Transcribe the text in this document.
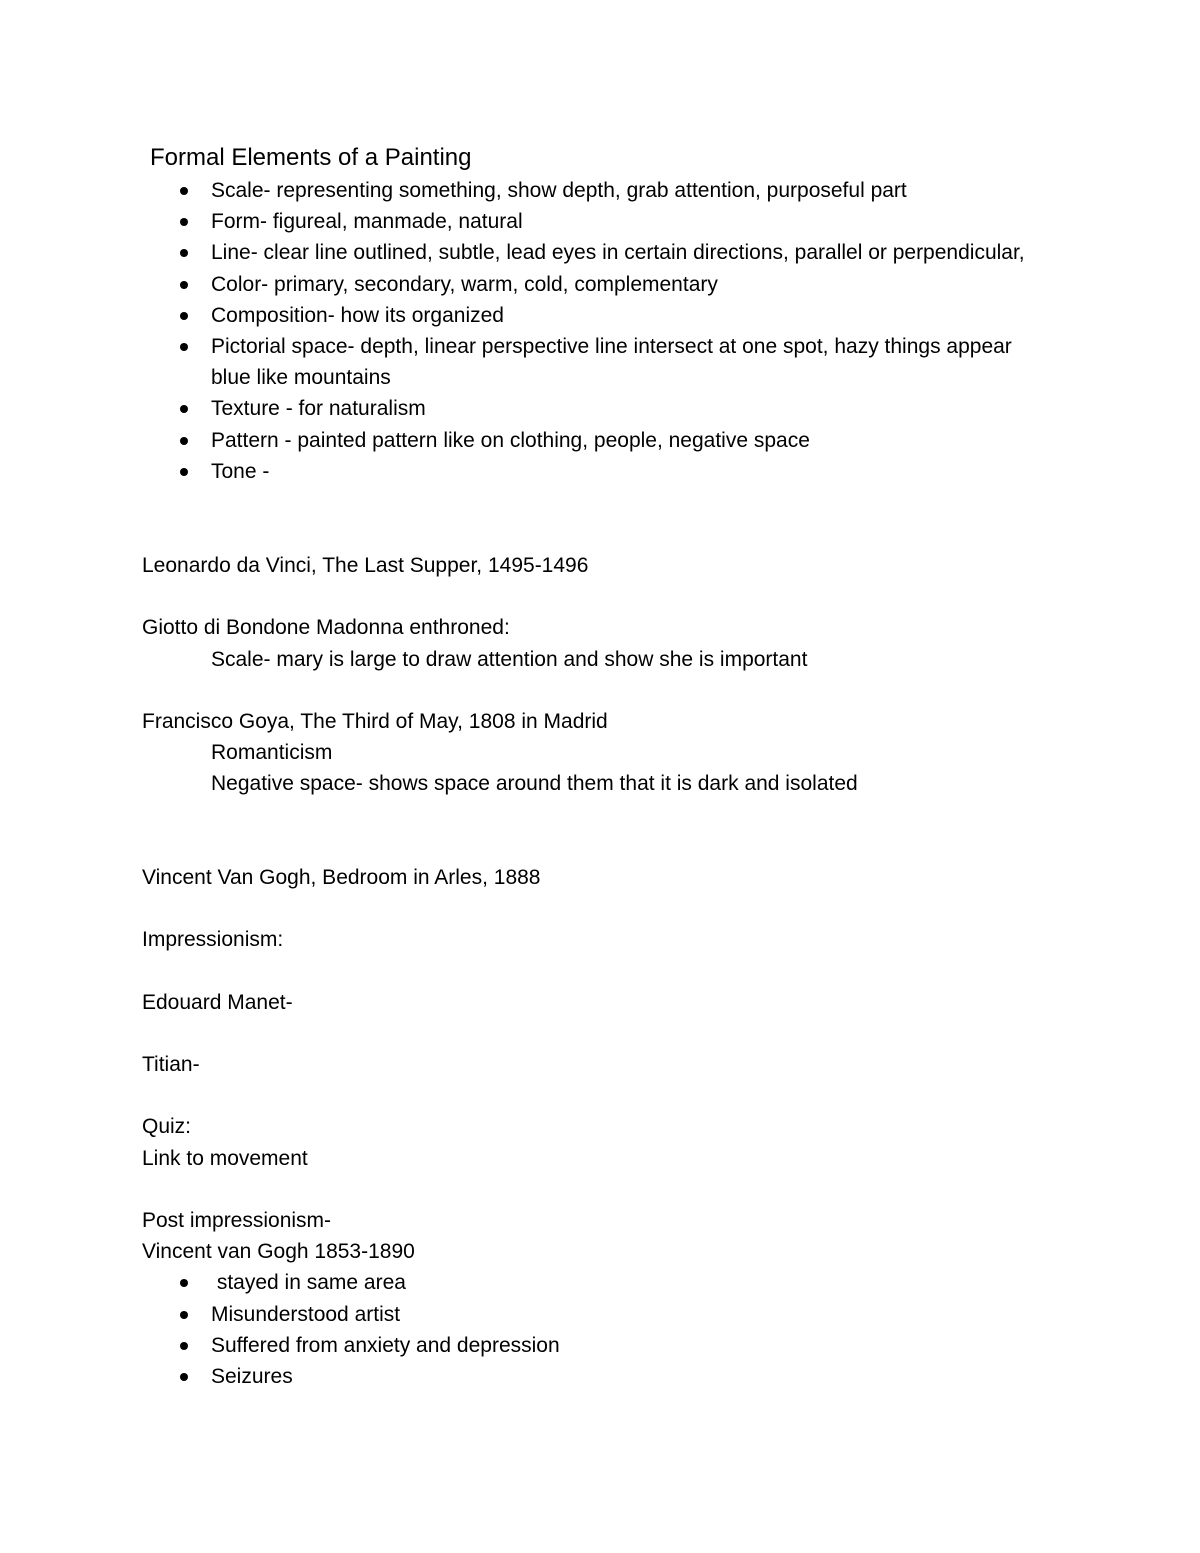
Formal Elements of a Painting
Scale- representing something, show depth, grab attention, purposeful part
Form- figureal, manmade, natural
Line- clear line outlined, subtle, lead eyes in certain directions, parallel or perpendicular,
Color- primary, secondary, warm, cold, complementary
Composition- how its organized
Pictorial space- depth, linear perspective line intersect at one spot, hazy things appear blue like mountains
Texture - for naturalism
Pattern - painted pattern like on clothing, people, negative space
Tone -
Leonardo da Vinci, The Last Supper, 1495-1496
Giotto di Bondone Madonna enthroned:
Scale- mary is large to draw attention and show she is important
Francisco Goya, The Third of May, 1808 in Madrid
Romanticism
Negative space- shows space around them that it is dark and isolated
Vincent Van Gogh, Bedroom in Arles, 1888
Impressionism:
Edouard Manet-
Titian-
Quiz:
Link to movement
Post impressionism-
Vincent van Gogh 1853-1890
stayed in same area
Misunderstood artist
Suffered from anxiety and depression
Seizures
